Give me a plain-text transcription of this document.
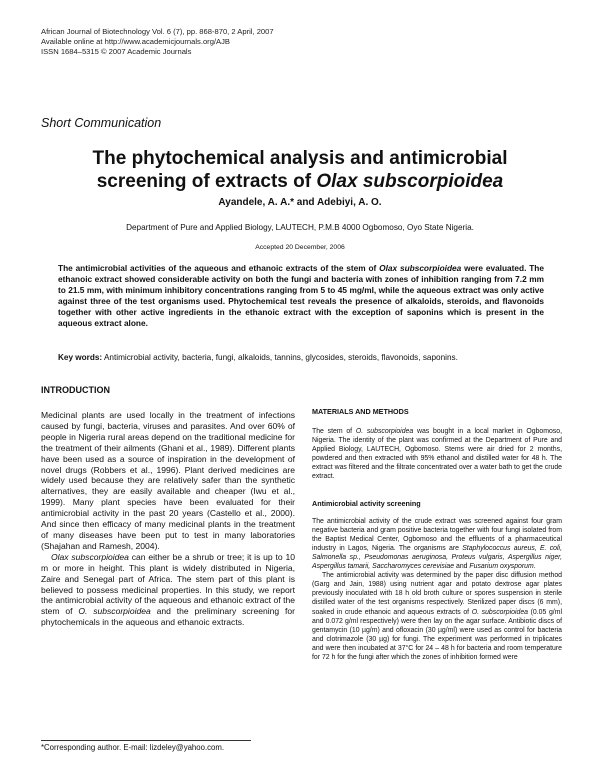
African Journal of Biotechnology Vol. 6 (7), pp. 868-870, 2 April, 2007
Available online at http://www.academicjournals.org/AJB
ISSN 1684–5315 © 2007 Academic Journals
Short Communication
The phytochemical analysis and antimicrobial
screening of extracts of Olax subscorpioidea
Ayandele, A. A.* and Adebiyi, A. O.
Department of Pure and Applied Biology, LAUTECH, P.M.B 4000 Ogbomoso, Oyo State Nigeria.
Accepted 20 December, 2006
The antimicrobial activities of the aqueous and ethanoic extracts of the stem of Olax subscorpioidea were evaluated. The ethanoic extract showed considerable activity on both the fungi and bacteria with zones of inhibition ranging from 7.2 mm to 21.5 mm, with minimum inhibitory concentrations ranging from 5 to 45 mg/ml, while the aqueous extract was only active against three of the test organisms used. Phytochemical test reveals the presence of alkaloids, steroids, and flavonoids together with other active ingredients in the ethanoic extract with the exception of saponins which is present in the aqueous extract alone.
Key words: Antimicrobial activity, bacteria, fungi, alkaloids, tannins, glycosides, steroids, flavonoids, saponins.
INTRODUCTION

Medicinal plants are used locally in the treatment of infections caused by fungi, bacteria, viruses and parasites. And over 60% of people in Nigeria rural areas depend on the traditional medicine for the treatment of their ailments (Ghani et al., 1989). Different plants have been used as a source of inspiration in the development of novel drugs (Robbers et al., 1996). Plant derived medicines are widely used because they are relatively safer than the synthetic alternatives, they are easily available and cheaper (Iwu et al., 1999). Many plant species have been evaluated for their antimicrobial activity in the past 20 years (Castello et al., 2000). And since then efficacy of many medicinal plants in the treatment of many diseases have been put to test in many laboratories (Shajahan and Ramesh, 2004).

Olax subscorpioidea can either be a shrub or tree; it is up to 10 m or more in height. This plant is widely distributed in Nigeria, Zaire and Senegal part of Africa. The stem part of this plant is believed to possess medicinal properties. In this study, we report the antimicrobial activity of the aqueous and ethanoic extract of the stem of O. subscorpioidea and the preliminary screening for phytochemicals in the aqueous and ethanoic extracts.

MATERIALS AND METHODS

The stem of O. subscorpioidea was bought in a local market in Ogbomoso, Nigeria. The identity of the plant was confirmed at the Department of Pure and Applied Biology, LAUTECH, Ogbomoso. Stems were air dried for 2 months, powdered and then extracted with 95% ethanol and distilled water for 48 h. The extract was filtered and the filtrate concentrated over a water bath to get the crude extract.

Antimicrobial activity screening

The antimicrobial activity of the crude extract was screened against four gram negative bacteria and gram positive bacteria together with four fungi isolated from the Baptist Medical Center, Ogbomoso and the effluents of a pharmaceutical industry in Lagos, Nigeria. The organisms are Staphylococcus aureus, E. coli, Salmonella sp., Pseudomonas aeruginosa, Proteus vulgaris, Aspergillus niger, Aspergillus tamarii, Saccharomyces cerevisiae and Fusarium oxysporum.

The antimicrobial activity was determined by the paper disc diffusion method (Garg and Jain, 1988) using nutrient agar and potato dextrose agar plates previously inoculated with 18 h old broth culture or spores suspension in sterile distilled water of the test organisms respectively. Sterilized paper discs (6 mm), soaked in crude ethanoic and aqueous extracts of O. subscorpioidea (0.05 g/ml and 0.072 g/ml respectively) were then lay on the agar surface. Antibiotic discs of gentamycin (10 µg/m) and ofloxacin (30 µg/ml) were used as control for bacteria and clotrimazole (30 µg) for fungi. The experiment was performed in triplicates and were then incubated at 37°C for 24 – 48 h for bacteria and room temperature for 72 h for the fungi after which the zones of inhibition formed were

*Corresponding author. E-mail: lizdeley@yahoo.com.
